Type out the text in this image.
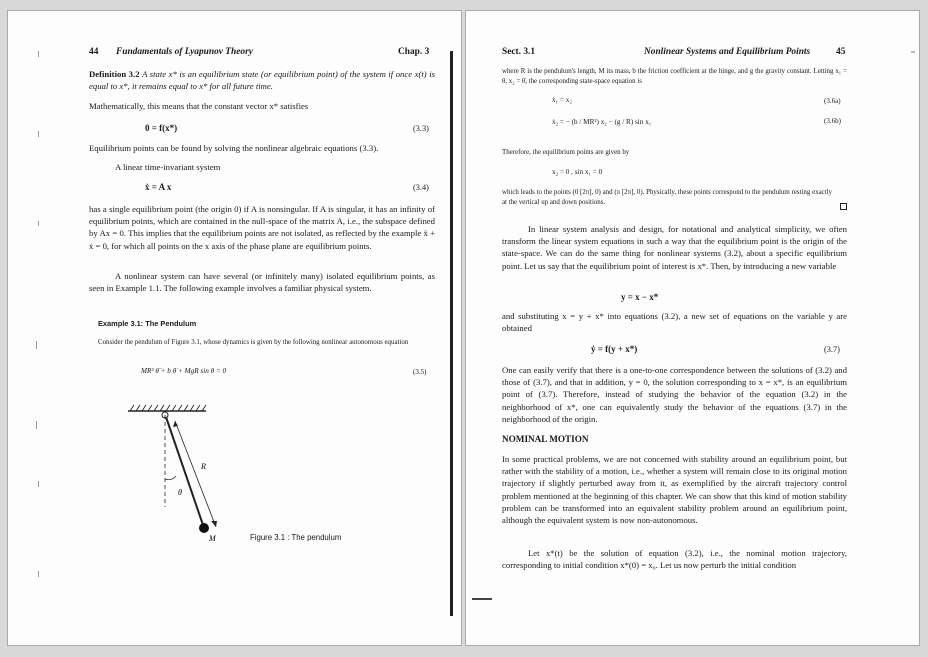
44 Fundamentals of Lyapunov Theory	Chap. 3
Definition 3.2 A state x* is an equilibrium state (or equilibrium point) of the system if once x(t) is equal to x*, it remains equal to x* for all future time.
Mathematically, this means that the constant vector x* satisfies
0 = f(x*)	(3.3)
Equilibrium points can be found by solving the nonlinear algebraic equations (3.3).
A linear time-invariant system
ẋ = A x	(3.4)
has a single equilibrium point (the origin 0) if A is nonsingular. If A is singular, it has an infinity of equilibrium points, which are contained in the null-space of the matrix A, i.e., the subspace defined by Ax = 0. This implies that the equilibrium points are not isolated, as reflected by the example ẍ + ẋ = 0, for which all points on the x axis of the phase plane are equilibrium points.
A nonlinear system can have several (or infinitely many) isolated equilibrium points, as seen in Example 1.1. The following example involves a familiar physical system.
Example 3.1: The Pendulum
Consider the pendulum of Figure 3.1, whose dynamics is given by the following nonlinear autonomous equation
MR² θ̈ + b θ̇ + MgR sin θ = 0	(3.5)
R
θ
M	Figure 3.1 : The pendulum
Sect. 3.1	Nonlinear Systems and Equilibrium Points	45
where R is the pendulum's length, M its mass, b the friction coefficient at the hinge, and g the gravity constant. Letting x₁ = θ, x₂ = θ̇, the corresponding state-space equation is
ẋ₁ = x₂	(3.6a)
ẋ₂ = − (b / MR²) x₂ − (g / R) sin x₁	(3.6b)
Therefore, the equilibrium points are given by
x₂ = 0 , sin x₁ = 0
which leads to the points (0 [2π], 0) and (π [2π], 0). Physically, these points correspond to the pendulum resting exactly at the vertical up and down positions.
In linear system analysis and design, for notational and analytical simplicity, we often transform the linear system equations in such a way that the equilibrium point is the origin of the state-space. We can do the same thing for nonlinear systems (3.2), about a specific equilibrium point. Let us say that the equilibrium point of interest is x*. Then, by introducing a new variable
y = x − x*
and substituting x = y + x* into equations (3.2), a new set of equations on the variable y are obtained
ẏ = f(y + x*)	(3.7)
One can easily verify that there is a one-to-one correspondence between the solutions of (3.2) and those of (3.7), and that in addition, y = 0, the solution corresponding to x = x*, is an equilibrium point of (3.7). Therefore, instead of studying the behavior of the equation (3.2) in the neighborhood of x*, one can equivalently study the behavior of the equations (3.7) in the neighborhood of the origin.
NOMINAL MOTION
In some practical problems, we are not concerned with stability around an equilibrium point, but rather with the stability of a motion, i.e., whether a system will remain close to its original motion trajectory if slightly perturbed away from it, as exemplified by the aircraft trajectory control problem mentioned at the beginning of this chapter. We can show that this kind of motion stability problem can be transformed into an equivalent stability problem around an equilibrium point, although the equivalent system is now non-autonomous.
Let x*(t) be the solution of equation (3.2), i.e., the nominal motion trajectory, corresponding to initial condition x*(0) = x₀. Let us now perturb the initial condition
